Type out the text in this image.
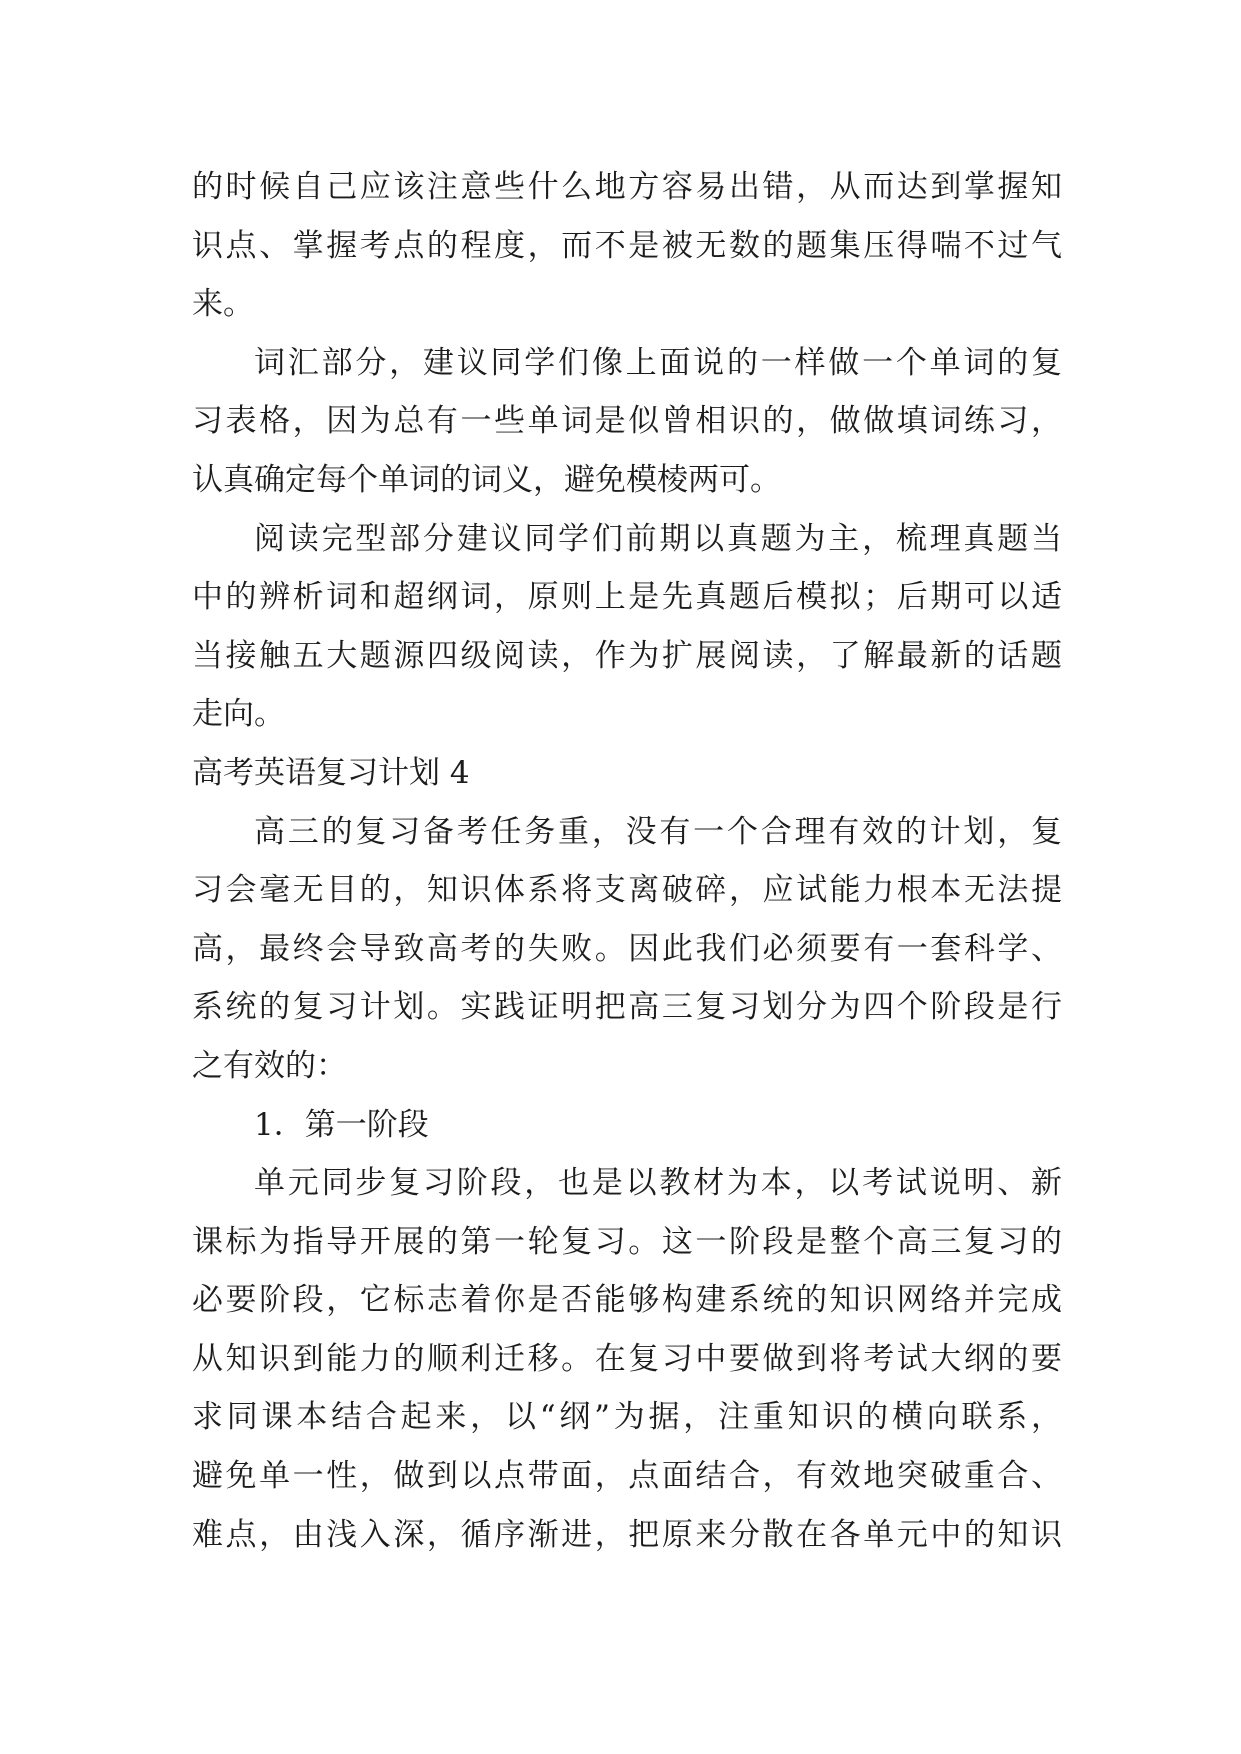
的时候自己应该注意些什么地方容易出错，从而达到掌握知
识点、掌握考点的程度，而不是被无数的题集压得喘不过气
来。
词汇部分，建议同学们像上面说的一样做一个单词的复
习表格，因为总有一些单词是似曾相识的，做做填词练习，
认真确定每个单词的词义，避免模棱两可。
阅读完型部分建议同学们前期以真题为主，梳理真题当
中的辨析词和超纲词，原则上是先真题后模拟；后期可以适
当接触五大题源四级阅读，作为扩展阅读，了解最新的话题
走向。
高考英语复习计划 4
高三的复习备考任务重，没有一个合理有效的计划，复
习会毫无目的，知识体系将支离破碎，应试能力根本无法提
高，最终会导致高考的失败。因此我们必须要有一套科学、
系统的复习计划。实践证明把高三复习划分为四个阶段是行
之有效的：
1．第一阶段
单元同步复习阶段，也是以教材为本，以考试说明、新
课标为指导开展的第一轮复习。这一阶段是整个高三复习的
必要阶段，它标志着你是否能够构建系统的知识网络并完成
从知识到能力的顺利迁移。在复习中要做到将考试大纲的要
求同课本结合起来，以“纲”为据，注重知识的横向联系，
避免单一性，做到以点带面，点面结合，有效地突破重合、
难点，由浅入深，循序渐进，把原来分散在各单元中的知识
